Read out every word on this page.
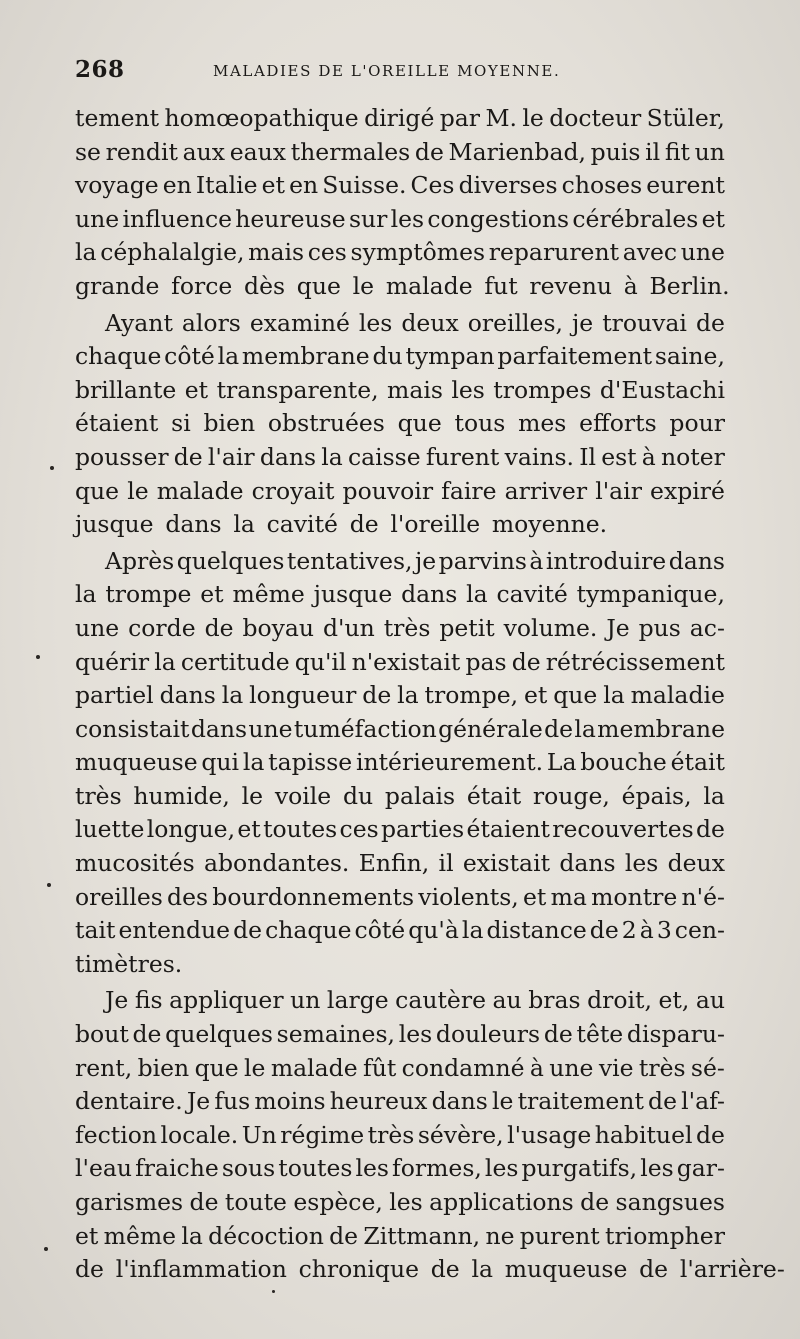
268	MALADIES DE L'OREILLE MOYENNE.
tement homœopathique dirigé par M. le docteur Stüler,
se rendit aux eaux thermales de Marienbad, puis il fit un
voyage en Italie et en Suisse. Ces diverses choses eurent
une influence heureuse sur les congestions cérébrales et
la céphalalgie, mais ces symptômes reparurent avec une
grande force dès que le malade fut revenu à Berlin.
Ayant alors examiné les deux oreilles, je trouvai de
chaque côté la membrane du tympan parfaitement saine,
brillante et transparente, mais les trompes d'Eustachi
étaient si bien obstruées que tous mes efforts pour
pousser de l'air dans la caisse furent vains. Il est à noter
que le malade croyait pouvoir faire arriver l'air expiré
jusque dans la cavité de l'oreille moyenne.
Après quelques tentatives, je parvins à introduire dans
la trompe et même jusque dans la cavité tympanique,
une corde de boyau d'un très petit volume. Je pus ac-
quérir la certitude qu'il n'existait pas de rétrécissement
partiel dans la longueur de la trompe, et que la maladie
consistait dans une tuméfaction générale de la membrane
muqueuse qui la tapisse intérieurement. La bouche était
très humide, le voile du palais était rouge, épais, la
luette longue, et toutes ces parties étaient recouvertes de
mucosités abondantes. Enfin, il existait dans les deux
oreilles des bourdonnements violents, et ma montre n'é-
tait entendue de chaque côté qu'à la distance de 2 à 3 cen-
timètres.
Je fis appliquer un large cautère au bras droit, et, au
bout de quelques semaines, les douleurs de tête disparu-
rent, bien que le malade fût condamné à une vie très sé-
dentaire. Je fus moins heureux dans le traitement de l'af-
fection locale. Un régime très sévère, l'usage habituel de
l'eau fraiche sous toutes les formes, les purgatifs, les gar-
garismes de toute espèce, les applications de sangsues
et même la décoction de Zittmann, ne purent triompher
de l'inflammation chronique de la muqueuse de l'arrière-
